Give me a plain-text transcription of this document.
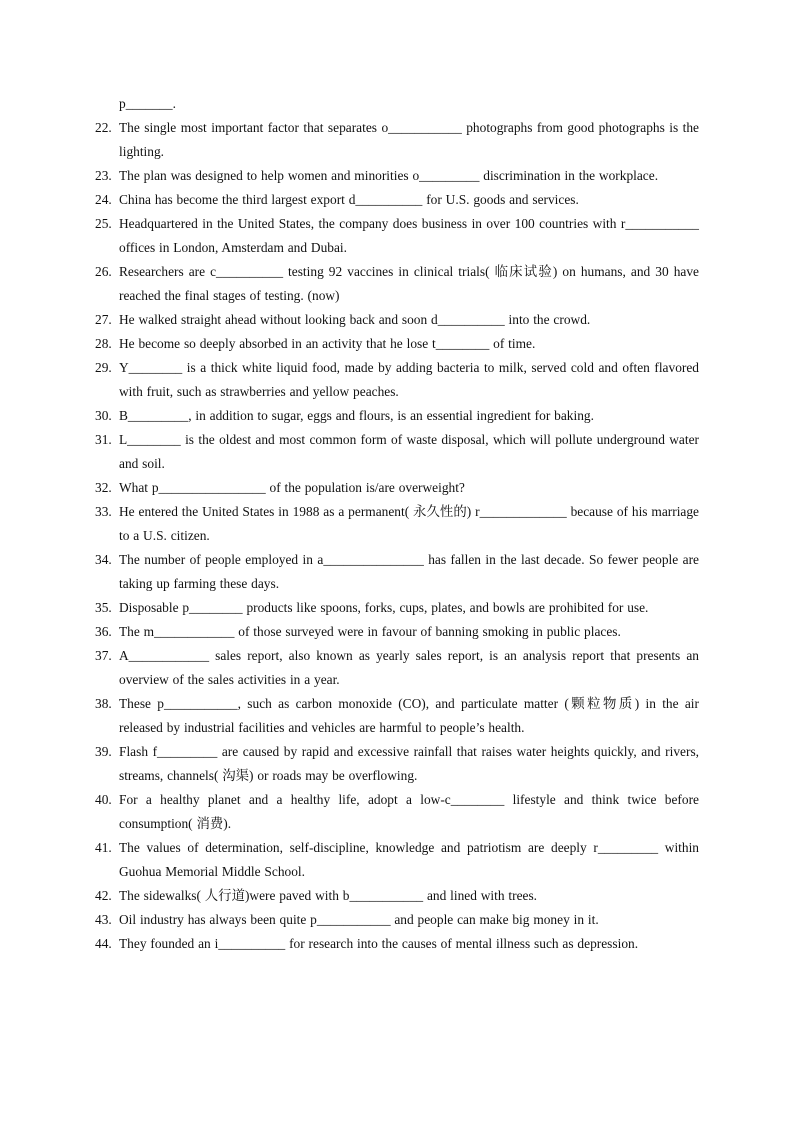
p_______.
22. The single most important factor that separates o___________ photographs from good photographs is the lighting.
23. The plan was designed to help women and minorities o_________ discrimination in the workplace.
24. China has become the third largest export d__________ for U.S. goods and services.
25. Headquartered in the United States, the company does business in over 100 countries with r___________ offices in London, Amsterdam and Dubai.
26. Researchers are c__________ testing 92 vaccines in clinical trials( 临床试验) on humans, and 30 have reached the final stages of testing. (now)
27. He walked straight ahead without looking back and soon d__________ into the crowd.
28. He become so deeply absorbed in an activity that he lose t________ of time.
29. Y________ is a thick white liquid food, made by adding bacteria to milk, served cold and often flavored with fruit, such as strawberries and yellow peaches.
30. B_________, in addition to sugar, eggs and flours, is an essential ingredient for baking.
31. L________ is the oldest and most common form of waste disposal, which will pollute underground water and soil.
32. What p________________ of the population is/are overweight?
33. He entered the United States in 1988 as a permanent( 永久性的) r_____________ because of his marriage to a U.S. citizen.
34. The number of people employed in a_______________ has fallen in the last decade. So fewer people are taking up farming these days.
35. Disposable p________ products like spoons, forks, cups, plates, and bowls are prohibited for use.
36. The m____________ of those surveyed were in favour of banning smoking in public places.
37. A____________ sales report, also known as yearly sales report, is an analysis report that presents an overview of the sales activities in a year.
38. These p___________, such as carbon monoxide (CO), and particulate matter (颗粒物质) in the air released by industrial facilities and vehicles are harmful to people’s health.
39. Flash f_________ are caused by rapid and excessive rainfall that raises water heights quickly, and rivers, streams, channels( 沟渠) or roads may be overflowing.
40. For a healthy planet and a healthy life, adopt a low-c________ lifestyle and think twice before consumption( 消费).
41. The values of determination, self-discipline, knowledge and patriotism are deeply r_________ within Guohua Memorial Middle School.
42. The sidewalks( 人行道)were paved with b___________ and lined with trees.
43. Oil industry has always been quite p___________ and people can make big money in it.
44. They founded an i__________ for research into the causes of mental illness such as depression.
